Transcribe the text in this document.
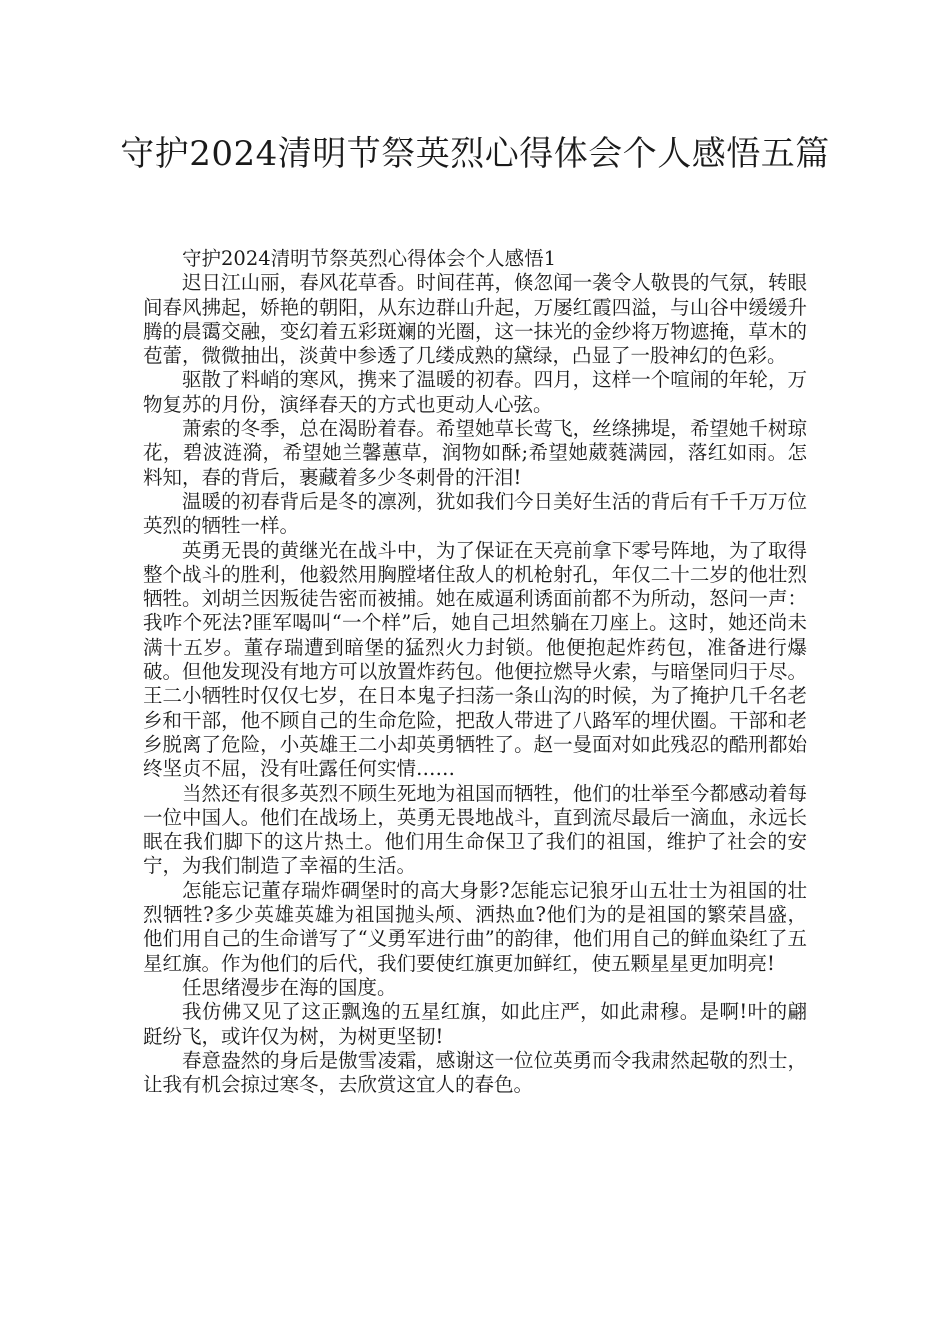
守护2024清明节祭英烈心得体会个人感悟五篇

守护2024清明节祭英烈心得体会个人感悟1

迟日江山丽，春风花草香。时间荏苒，倏忽闻一袭令人敬畏的气氛，转眼间春风拂起，娇艳的朝阳，从东边群山升起，万屡红霞四溢，与山谷中缓缓升腾的晨霭交融，变幻着五彩斑斓的光圈，这一抹光的金纱将万物遮掩，草木的苞蕾，微微抽出，淡黄中参透了几缕成熟的黛绿，凸显了一股神幻的色彩。

驱散了料峭的寒风，携来了温暖的初春。四月，这样一个喧闹的年轮，万物复苏的月份，演绎春天的方式也更动人心弦。

萧索的冬季，总在渴盼着春。希望她草长莺飞，丝绦拂堤，希望她千树琼花，碧波涟漪，希望她兰馨蕙草，润物如酥;希望她葳蕤满园，落红如雨。怎料知，春的背后，裹藏着多少冬刺骨的汗泪!

温暖的初春背后是冬的凛冽，犹如我们今日美好生活的背后有千千万万位英烈的牺牲一样。

英勇无畏的黄继光在战斗中，为了保证在天亮前拿下零号阵地，为了取得整个战斗的胜利，他毅然用胸膛堵住敌人的机枪射孔，年仅二十二岁的他壮烈牺牲。刘胡兰因叛徒告密而被捕。她在威逼利诱面前都不为所动，怒问一声：我咋个死法?匪军喝叫“一个样”后，她自己坦然躺在刀座上。这时，她还尚未满十五岁。董存瑞遭到暗堡的猛烈火力封锁。他便抱起炸药包，准备进行爆破。但他发现没有地方可以放置炸药包。他便拉燃导火索，与暗堡同归于尽。王二小牺牲时仅仅七岁，在日本鬼子扫荡一条山沟的时候，为了掩护几千名老乡和干部，他不顾自己的生命危险，把敌人带进了八路军的埋伏圈。干部和老乡脱离了危险，小英雄王二小却英勇牺牲了。赵一曼面对如此残忍的酷刑都始终坚贞不屈，没有吐露任何实情……

当然还有很多英烈不顾生死地为祖国而牺牲，他们的壮举至今都感动着每一位中国人。他们在战场上，英勇无畏地战斗，直到流尽最后一滴血，永远长眠在我们脚下的这片热土。他们用生命保卫了我们的祖国，维护了社会的安宁，为我们制造了幸福的生活。

怎能忘记董存瑞炸碉堡时的高大身影?怎能忘记狼牙山五壮士为祖国的壮烈牺牲?多少英雄英雄为祖国抛头颅、洒热血?他们为的是祖国的繁荣昌盛，他们用自己的生命谱写了“义勇军进行曲”的韵律，他们用自己的鲜血染红了五星红旗。作为他们的后代，我们要使红旗更加鲜红，使五颗星星更加明亮!

任思绪漫步在海的国度。

我仿佛又见了这正飘逸的五星红旗，如此庄严，如此肃穆。是啊!叶的翩跹纷飞，或许仅为树，为树更坚韧!

春意盎然的身后是傲雪凌霜，感谢这一位位英勇而令我肃然起敬的烈士，让我有机会掠过寒冬，去欣赏这宜人的春色。
